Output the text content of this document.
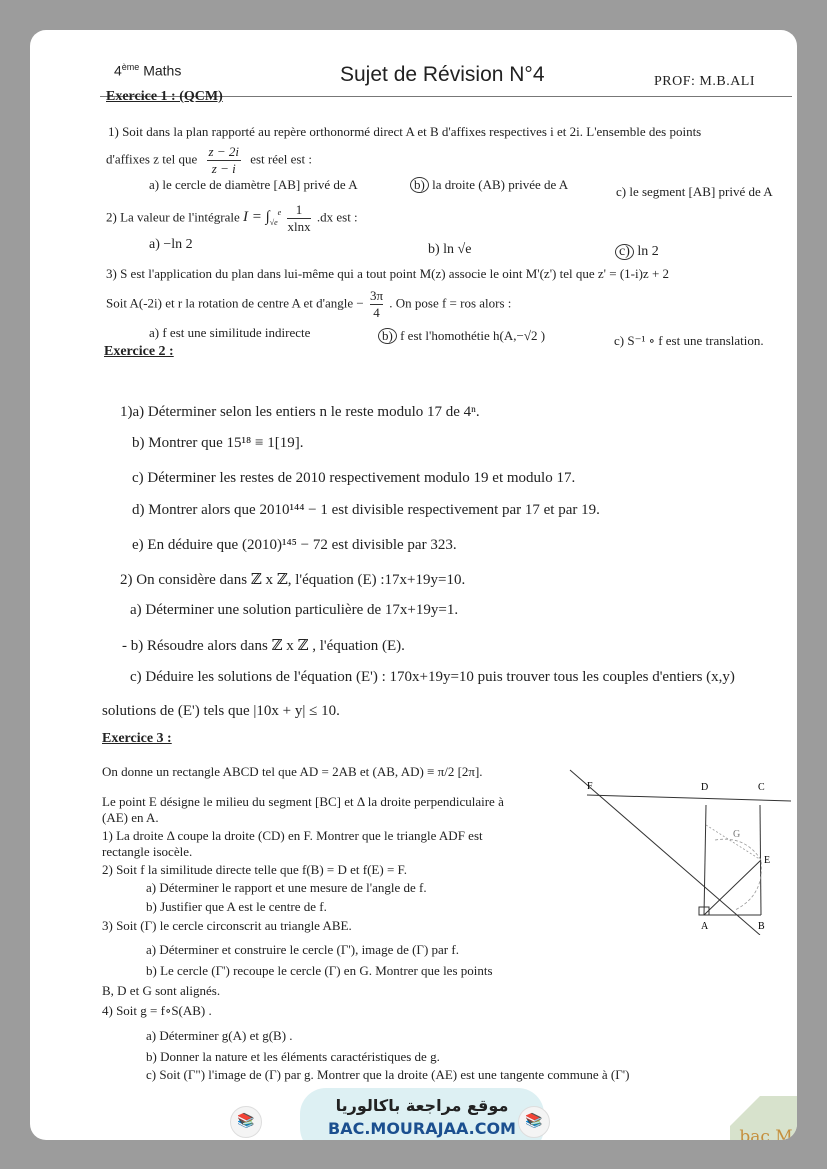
4ème Maths	Sujet de Révision N°4	PROF: M.B.ALI
Exercice 1 : (QCM)
1) Soit dans la plan rapporté au repère orthonormé direct A et B d'affixes respectives i et 2i. L'ensemble des points
d'affixes z tel que $\frac{z - 2i}{z - i}$ est réel est :
a) le cercle de diamètre [AB] privé de A	b) la droite (AB) privée de A	c) le segment [AB] privé de A
2) La valeur de l'intégrale $I = \int_{√e}^e \frac{1}{xlnx} .dx$ est :
a) −ln 2	b) ln √e	c) ln 2
3) S est l'application du plan dans lui-même qui a tout point M(z) associe le oint M'(z') tel que z' = (1-i)z + 2
Soit A(-2i) et r la rotation de centre A et d'angle − $\frac{3\pi}{4}$ . On pose f = ros alors :
a) f est une similitude indirecte	b) f est l'homothétie h(A,−√2 )	c) S⁻¹ ∘ f est une translation.
Exercice 2 :
1)a) Déterminer selon les entiers n le reste modulo 17 de 4ⁿ.
b) Montrer que 15¹⁸ ≡ 1[19].
c) Déterminer les restes de 2010 respectivement modulo 19 et modulo 17.
d) Montrer alors que 2010¹⁴⁴ − 1 est divisible respectivement par 17 et par 19.
e) En déduire que (2010)¹⁴⁵ − 72 est divisible par 323.
2) On considère dans ℤ x ℤ, l'équation (E) :17x+19y=10.
a) Déterminer une solution particulière de 17x+19y=1.
- b) Résoudre alors dans ℤ x ℤ , l'équation (E).
c) Déduire les solutions de l'équation (E') : 170x+19y=10 puis trouver tous les couples d'entiers (x,y)
solutions de (E') tels que |10x + y| ≤ 10.
Exercice 3 :
On donne un rectangle ABCD tel que AD = 2AB et (AB, AD) ≡ π/2 [2π].
Le point E désigne le milieu du segment [BC] et Δ la droite perpendiculaire à
(AE) en A.
1) La droite Δ coupe la droite (CD) en F. Montrer que le triangle ADF est
rectangle isocèle.
2) Soit f la similitude directe telle que f(B) = D et f(E) = F.
a) Déterminer le rapport et une mesure de l'angle de f.
b) Justifier que A est le centre de f.
3) Soit (Γ) le cercle circonscrit au triangle ABE.
a) Déterminer et construire le cercle (Γ'), image de (Γ) par f.
b) Le cercle (Γ') recoupe le cercle (Γ) en G. Montrer que les points
B, D et G sont alignés.
4) Soit g = f∘S(AB) .
a) Déterminer g(A) et g(B) .
b) Donner la nature et les éléments caractéristiques de g.
c) Soit (Γ") l'image de (Γ) par g. Montrer que la droite (AE) est une tangente commune à (Γ')
A	B
C
D
E
F
G
📚
موقع مراجعة باكالوريا
BAC.MOURAJAA.COM 📚
bac Math
